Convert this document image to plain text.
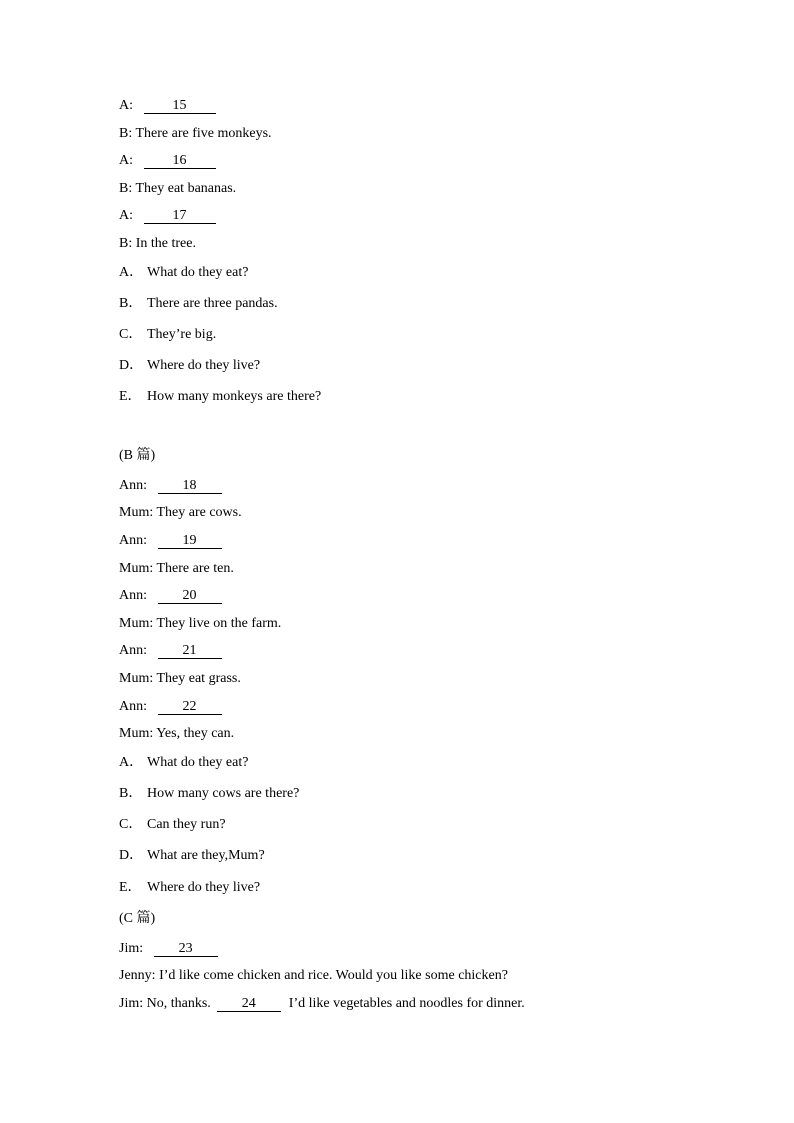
A:	15
B: There are five monkeys.
A:	16
B: They eat bananas.
A:	17
B: In the tree.
A． What do they eat?
B． There are three pandas.
C． They’re big.
D． Where do they live?
E． How many monkeys are there?
(B 篇)
Ann:	18
Mum: They are cows.
Ann:	19
Mum: There are ten.
Ann:	20
Mum: They live on the farm.
Ann:	21
Mum: They eat grass.
Ann:	22
Mum: Yes, they can.
A． What do they eat?
B． How many cows are there?
C． Can they run?
D． What are they,Mum?
E． Where do they live?
(C 篇)
Jim:	23
Jenny: I’d like come chicken and rice. Would you like some chicken?
Jim: No, thanks. 24 I’d like vegetables and noodles for dinner.
